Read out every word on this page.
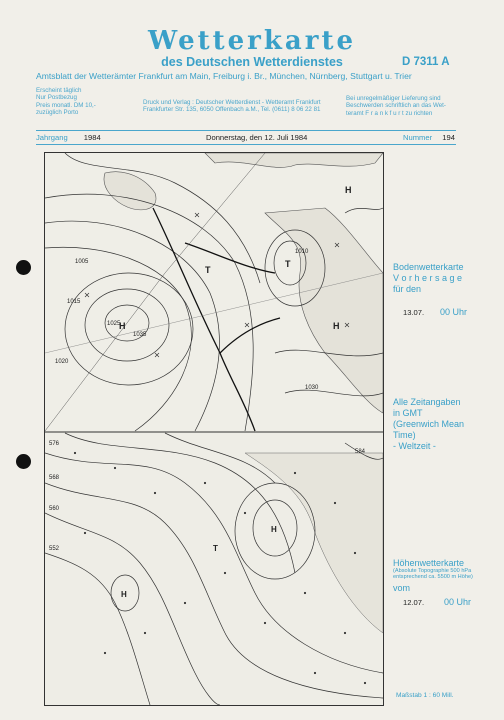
Wetterkarte
des Deutschen Wetterdienstes	D 7311 A
Amtsblatt der Wetterämter Frankfurt am Main, Freiburg i. Br., München, Nürnberg, Stuttgart u. Trier
Erscheint täglich
Nur Postbezug
Preis monatl. DM 10,-
zuzüglich Porto
Druck und Verlag : Deutscher Wetterdienst - Wetteramt Frankfurt
Frankfurter Str. 135, 6050 Offenbach a.M., Tel. (0611) 8 06 22 81
Bei unregelmäßiger Lieferung sind
Beschwerden schriftlich an das Wet-
teramt F r a n k f u r t zu richten
Jahrgang 1984	Donnerstag, den 12. Juli 1984	Nummer 194
1005
1015
1025
1035
1010
1020
1030
H	H
T
T
H
576
568
560
552
584
H
H
T
Bodenwetterkarte
V o r h e r s a g e
für den
13.07. 00 Uhr
Alle Zeitangaben
in GMT
(Greenwich Mean
Time)
- Weltzeit -
Höhenwetterkarte
(Absolute Topographie 500 hPa
entsprechend ca. 5500 m Höhe)
vom
12.07. 00 Uhr
Maßstab 1 : 60 Mill.
